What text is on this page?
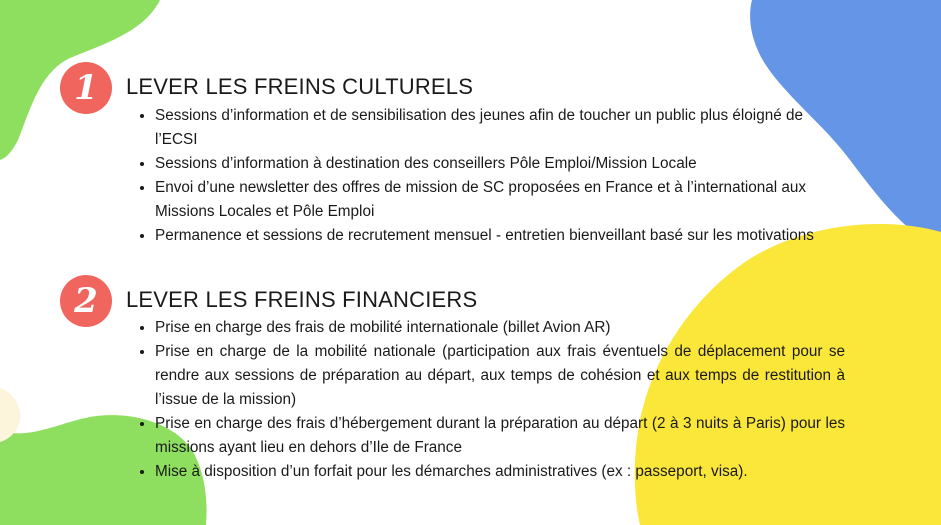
1 LEVER LES FREINS CULTURELS
• Sessions d’information et de sensibilisation des jeunes afin de toucher un public plus éloigné de l’ECSI
• Sessions d’information à destination des conseillers Pôle Emploi/Mission Locale
• Envoi d’une newsletter des offres de mission de SC proposées en France et à l’international aux Missions Locales et Pôle Emploi
• Permanence et sessions de recrutement mensuel - entretien bienveillant basé sur les motivations
2 LEVER LES FREINS FINANCIERS
• Prise en charge des frais de mobilité internationale (billet Avion AR)
• Prise en charge de la mobilité nationale (participation aux frais éventuels de déplacement pour se rendre aux sessions de préparation au départ, aux temps de cohésion et aux temps de restitution à l’issue de la mission)
• Prise en charge des frais d’hébergement durant la préparation au départ (2 à 3 nuits à Paris) pour les missions ayant lieu en dehors d’Ile de France
• Mise à disposition d’un forfait pour les démarches administratives (ex : passeport, visa).
